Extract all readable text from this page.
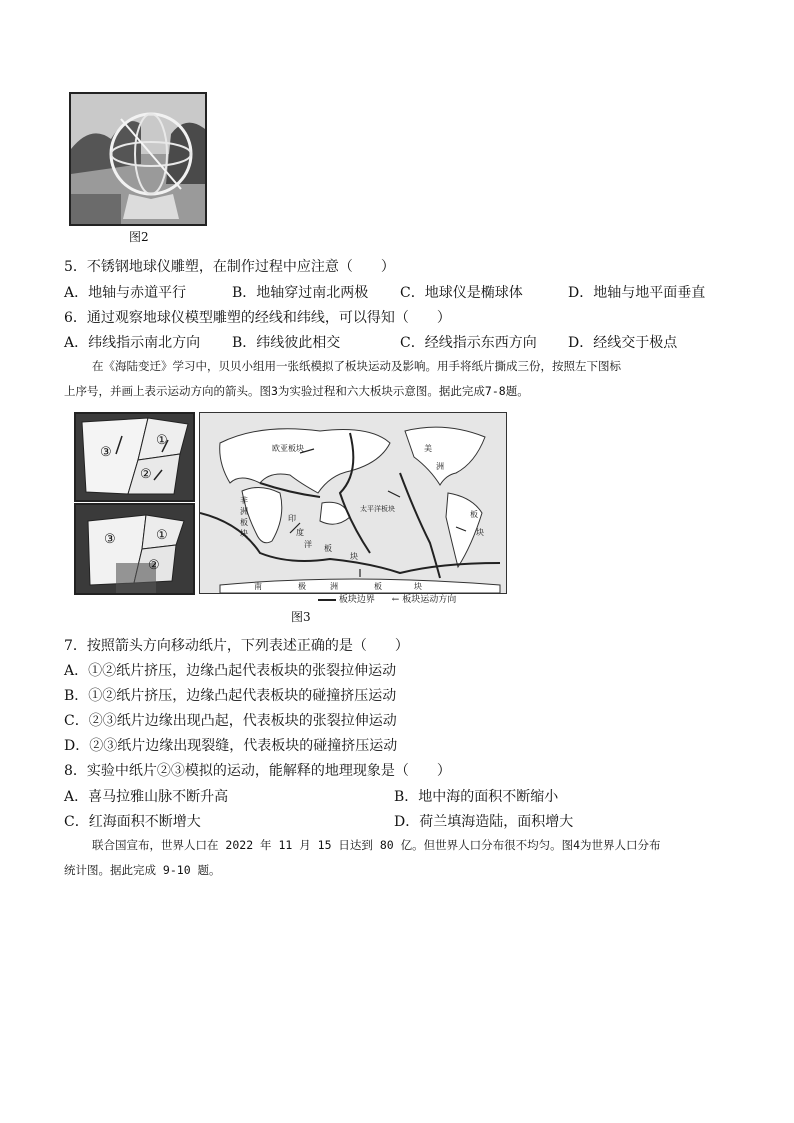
图2
5．不锈钢地球仪雕塑，在制作过程中应注意（　　）
A．地轴与赤道平行	B．地轴穿过南北两极 C．地球仪是椭球体	D．地轴与地平面垂直
6．通过观察地球仪模型雕塑的经线和纬线，可以得知（　　）
A．纬线指示南北方向 B．纬线彼此相交	C．经线指示东西方向 D．经线交于极点
在《海陆变迁》学习中，贝贝小组用一张纸模拟了板块运动及影响。用手将纸片撕成三份，按照左下图标
上序号，并画上表示运动方向的箭头。图3为实验过程和六大板块示意图。据此完成7-8题。
③
①
②
③	①
②
欧亚板块
太平洋板块
非
洲
板
块
美
洲
板
块
印
度
洋 板
块
南	极	洲	板	块
板块边界 ← 板块运动方向
图3
7．按照箭头方向移动纸片，下列表述正确的是（　　）
A．①②纸片挤压，边缘凸起代表板块的张裂拉伸运动
B．①②纸片挤压，边缘凸起代表板块的碰撞挤压运动
C．②③纸片边缘出现凸起，代表板块的张裂拉伸运动
D．②③纸片边缘出现裂缝，代表板块的碰撞挤压运动
8．实验中纸片②③模拟的运动，能解释的地理现象是（　　）
A．喜马拉雅山脉不断升高	B．地中海的面积不断缩小
C．红海面积不断增大	D．荷兰填海造陆，面积增大
联合国宣布，世界人口在 2022 年 11 月 15 日达到 80 亿。但世界人口分布很不均匀。图4为世界人口分布
统计图。据此完成 9-10 题。
